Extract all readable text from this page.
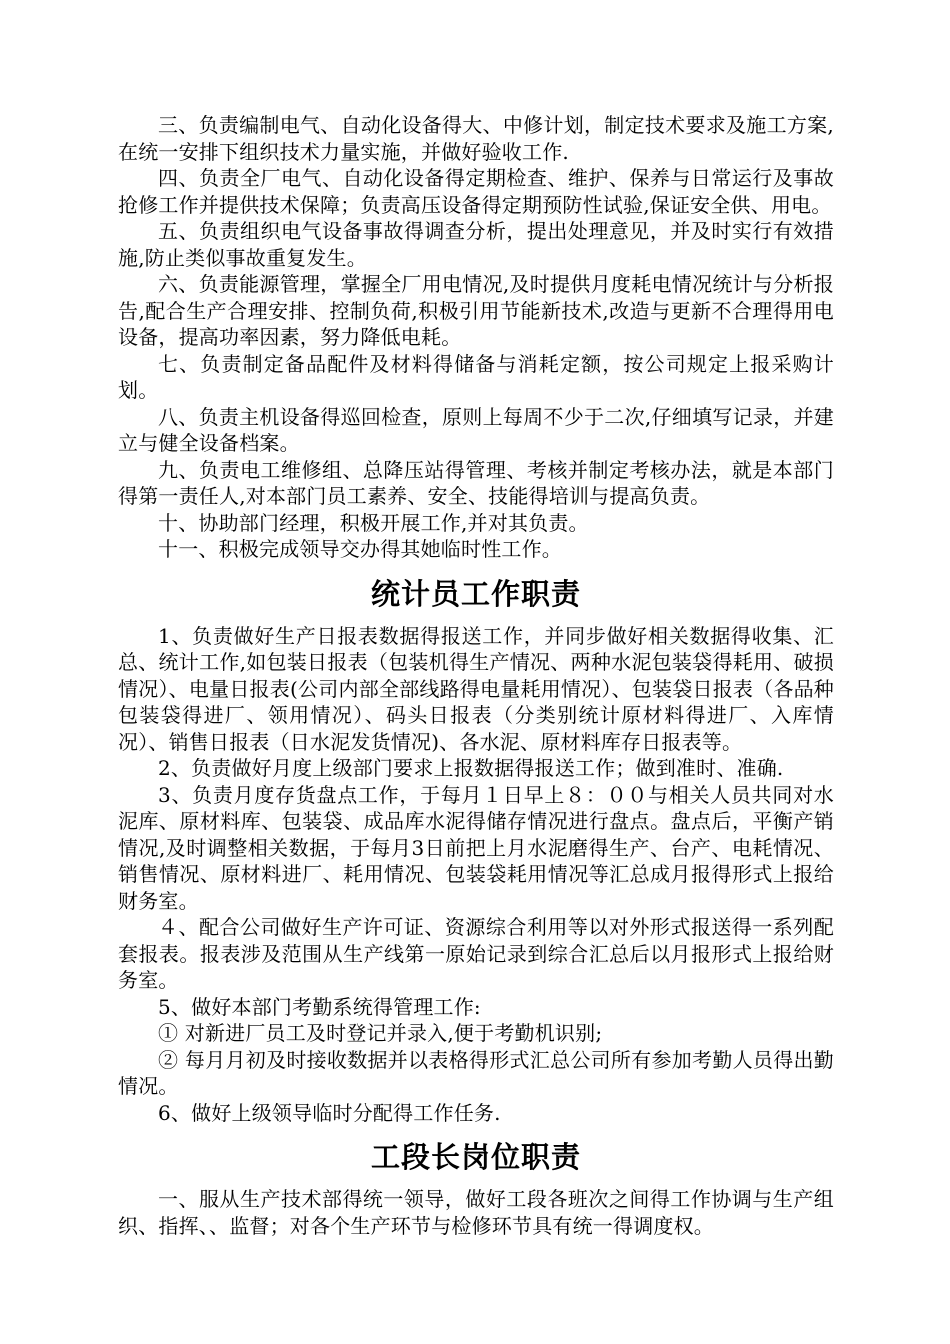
三、负责编制电气、自动化设备得大、中修计划，制定技术要求及施工方案,在统一安排下组织技术力量实施，并做好验收工作.

四、负责全厂电气、自动化设备得定期检查、维护、保养与日常运行及事故抢修工作并提供技术保障；负责高压设备得定期预防性试验,保证安全供、用电。

五、负责组织电气设备事故得调查分析，提出处理意见，并及时实行有效措施,防止类似事故重复发生。

六、负责能源管理，掌握全厂用电情况,及时提供月度耗电情况统计与分析报告,配合生产合理安排、控制负荷,积极引用节能新技术,改造与更新不合理得用电设备，提高功率因素，努力降低电耗。

七、负责制定备品配件及材料得储备与消耗定额，按公司规定上报采购计划。

八、负责主机设备得巡回检查，原则上每周不少于二次,仔细填写记录，并建立与健全设备档案。

九、负责电工维修组、总降压站得管理、考核并制定考核办法，就是本部门得第一责任人,对本部门员工素养、安全、技能得培训与提高负责。

十、协助部门经理，积极开展工作,并对其负责。

十一、积极完成领导交办得其她临时性工作。

统计员工作职责

1、负责做好生产日报表数据得报送工作，并同步做好相关数据得收集、汇总、统计工作,如包装日报表（包装机得生产情况、两种水泥包装袋得耗用、破损情况）、电量日报表(公司内部全部线路得电量耗用情况）、包装袋日报表（各品种包装袋得进厂、领用情况）、码头日报表（分类别统计原材料得进厂、入库情况）、销售日报表（日水泥发货情况)、各水泥、原材料库存日报表等。

2、负责做好月度上级部门要求上报数据得报送工作；做到准时、准确.

3、负责月度存货盘点工作，于每月１日早上８：００与相关人员共同对水泥库、原材料库、包装袋、成品库水泥得储存情况进行盘点。盘点后，平衡产销情况,及时调整相关数据，于每月3日前把上月水泥磨得生产、台产、电耗情况、销售情况、原材料进厂、耗用情况、包装袋耗用情况等汇总成月报得形式上报给财务室。

４、配合公司做好生产许可证、资源综合利用等以对外形式报送得一系列配套报表。报表涉及范围从生产线第一原始记录到综合汇总后以月报形式上报给财务室。

5、做好本部门考勤系统得管理工作:

① 对新进厂员工及时登记并录入,便于考勤机识别;

② 每月月初及时接收数据并以表格得形式汇总公司所有参加考勤人员得出勤情况。

6、做好上级领导临时分配得工作任务.

工段长岗位职责

一、服从生产技术部得统一领导，做好工段各班次之间得工作协调与生产组织、指挥、、监督；对各个生产环节与检修环节具有统一得调度权。
